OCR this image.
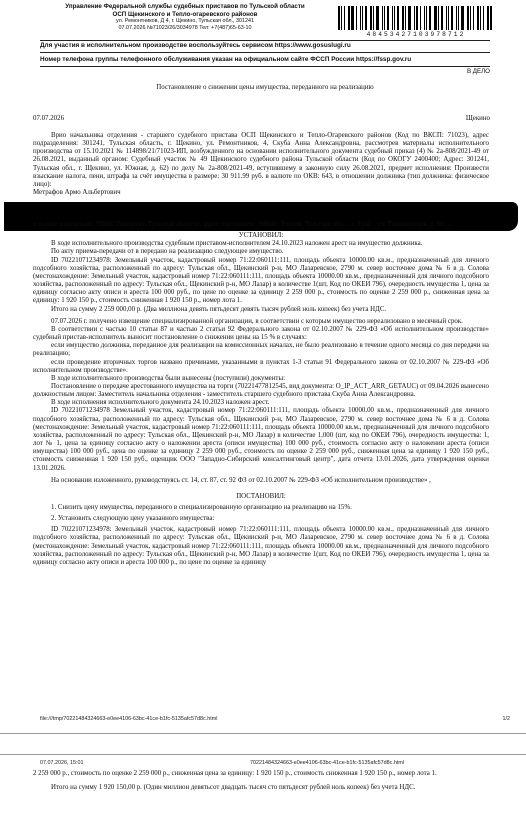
Управление Федеральной службы судебных приставов по Тульской области
ОСП Щекинского и Тепло-огаревского районов
ул. Ремонтников, Д 4, г. Щекино, Тульская обл., 301241
07.07.2026 №71023/26/3034978 Тел: +7(487)65-63-10
48453427103978712
Для участия в исполнительном производстве воспользуйтесь сервисом https://www.gosuslugi.ru
Номер телефона группы телефонного обслуживания указан на официальном сайте ФССП России https://fssp.gov.ru
В ДЕЛО
Постановление о снижении цены имущества, переданного на реализацию
07.07.2026	Щекино

Врио начальника отделения - старшего судебного пристава ОСП Щекинского и Тепло-Огаревского районов (Код по ВКСП: 71023), адрес подразделения: 301241, Тульская область, г. Щекино, ул. Ремонтников, 4, Скуба Анна Александровна, рассмотрев материалы исполнительного производства от 15.10.2021 № 114898/21/71023-ИП, возбужденного на основании исполнительного документа судебный приказ (4) № 2а-808/2021-49 от 26.08.2021, выданный органом: Судебный участок № 49 Щекинского судебного района Тульской области (Код по ОКОГУ 2400400; Адрес: 301241, Тульская обл., г. Щекино, ул. Южная, д. 62) по делу № 2а-808/2021-49, вступившему в законную силу 26.08.2021, предмет исполнения: Произвести взыскание налога, пени, штрафа за счёт имущества в размере: 30 911.99 руб. в валюте по ОКВ: 643, в отношении должника (тип должника: физическое лицо):

Метрафов Армо Альбертович

в пользу взыскателя: УФНС России по Тульской области, адрес взыскателя: 300041, Россия, Тульская обл., , г. Тула, , ул. Тургеневская, д. 66, ,,

УСТАНОВИЛ:

В ходе исполнительного производства судебным приставом-исполнителем 24.10.2023 наложен арест на имущество должника.

По акту приема-передачи от в передано на реализацию следующее имущество.

ID 70221071234978: Земельный участок, кадастровый номер 71:22:060111:111, площадь объекта 10000.00 кв.м., предназначенный для личного подсобного хозяйства, расположенный по адресу: Тульская обл., Щекинский р-н, МО Лазаревское, 2790 м. север восточнее дома № 6 в д. Солова (местонахождение: Земельный участок, кадастровый номер 71:22:060111:111, площадь объекта 10000.00 кв.м., предназначенный для личного подсобного хозяйства, расположенный по адресу: Тульская обл., Щекинский р-н, МО Лазар) в количестве 1(шт, Код по ОКЕИ 796), очередность имущества 1, цена за единицу согласно акту описи и ареста 100 000 руб., по цене по оценке за единицу 2 259 000 р., стоимость по оценке 2 259 000 р., сниженная цена за единицу: 1 920 150 р., стоимость сниженная 1 920 150 р., номер лота 1.

Итого на сумму 2 259 000,00 р. (Два миллиона девять пятьдесят девять тысяч рублей ноль копеек) без учета НДС.

07.07.2026 г. получено извещение специализированной организации, в соответствии с которым имущество нереализовано в месячный срок.

В соответствии с частью 10 статьи 87 и частью 2 статьи 92 Федерального закона от 02.10.2007 № 229-ФЗ «Об исполнительном производстве» судебный пристав-исполнитель выносит постановление о снижении цены на 15 % в случаях:

если имущество должника, переданное для реализации на комиссионных началах, не было реализовано в течение одного месяца со дня передачи на реализацию;

если проведение вторичных торгов названо причинами, указанными в пунктах 1-3 статьи 91 Федерального закона от 02.10.2007 № 229-ФЗ «Об исполнительном производстве».

В ходе исполнительного производства были вынесены (поступили) документы:

Постановление о передаче арестованного имущества на торги (70221477812545, вид документа: O_IP_ACT_ARR_GETAUC) от 09.04.2026 вынесено должностным лицом: Заместитель начальника отделения - заместитель старшего судебного пристава Скуба Анна Александровна.

В ходе исполнения исполнительного документа 24.10.2023 наложен арест.

ID 70221071234978 Земельный участок, кадастровый номер 71:22:060111:111, площадь объекта 10000.00 кв.м., предназначенный для личного подсобного хозяйства, расположенный по адресу: Тульская обл., Щекинский р-н, МО Лазаревское, 2790 м. север восточнее дома № 6 в д. Солова (местонахождение: Земельный участок, кадастровый номер 71:22:060111:111, площадь объекта 10000.00 кв.м., предназначенный для личного подсобного хозяйства, расположенный по адресу: Тульская обл., Щекинский р-н, МО Лазар) в количестве 1,000 (шт, код по ОКЕИ 796), очередность имущества: 1, лот № 1, цена за единицу согласно акту о наложении ареста (описи имущества) 100 000 руб., стоимость согласно акту о наложении ареста (описи имущества) 100 000 руб., цена по оценке за единицу 2 259 000 руб., стоимость по оценке 2 259 000 руб., сниженная цена за единицу 1 920 150 руб., стоимость сниженная 1 920 150 руб., оценщик ООО "Западно-Сибирский консалтинговый центр", дата отчета 13.01.2026, дата утверждения оценки 13.01.2026.

На основании изложенного, руководствуясь ст. 14, ст. 87, ст. 92 ФЗ от 02.10.2007 № 229-ФЗ «Об исполнительном производстве» ,

ПОСТАНОВИЛ:

1. Снизить цену имущества, переданного в специализированную организацию на реализацию на 15%.

2. Установить следующую цену указанного имущества:

ID 70221071234978: Земельный участок, кадастровый номер 71:22:060111:111, площадь объекта 10000.00 кв.м., предназначенный для личного подсобного хозяйства, расположенный по адресу: Тульская обл., Щекинский р-н, МО Лазаревское, 2790 м. север восточнее дома № 6 в д. Солова (местонахождение: Земельный участок, кадастровый номер 71:22:060111:111, площадь объекта 10000.00 кв.м., предназначенный для личного подсобного хозяйства, расположенный по адресу: Тульская обл., Щекинский р-н, МО Лазар) в количестве 1(шт, Код по ОКЕИ 796), очередность имущества 1, цена за единицу согласно акту описи и ареста 100 000 р., по цене по оценке за единицу

file:///tmp/70221484324663-e0ee4106-63bc-41ce-b1fc-5135afc57d8c.html	1/2
07.07.2026, 15:01	70221484324663-e0ee4106-63bc-41ce-b1fc-5135afc57d8c.html

2 259 000 р., стоимость по оценке 2 259 000 р., сниженная цена за единицу: 1 920 150 р., стоимость сниженная 1 920 150 р., номер лота 1.

Итого на сумму 1 920 150,00 р. (Один миллион девятьсот двадцать тысяч сто пятьдесят рублей ноль копеек) без учета НДС.
